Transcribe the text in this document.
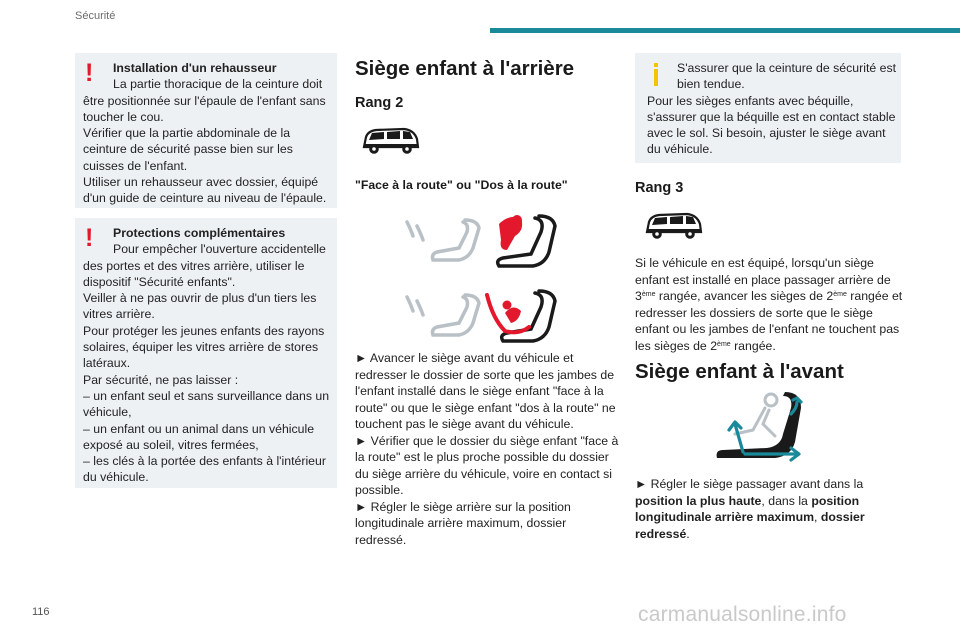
Sécurité
!	Installation d'un rehausseur
La partie thoracique de la ceinture doit
être positionnée sur l'épaule de l'enfant sans toucher le cou.
Vérifier que la partie abdominale de la ceinture de sécurité passe bien sur les cuisses de l'enfant.
Utiliser un rehausseur avec dossier, équipé d'un guide de ceinture au niveau de l'épaule.
!	Protections complémentaires
Pour empêcher l'ouverture accidentelle
des portes et des vitres arrière, utiliser le dispositif "Sécurité enfants".
Veiller à ne pas ouvrir de plus d'un tiers les vitres arrière.
Pour protéger les jeunes enfants des rayons solaires, équiper les vitres arrière de stores latéraux.
Par sécurité, ne pas laisser :
– un enfant seul et sans surveillance dans un véhicule,
– un enfant ou un animal dans un véhicule exposé au soleil, vitres fermées,
– les clés à la portée des enfants à l'intérieur du véhicule.
Siège enfant à l'arrière
Rang 2
"Face à la route" ou "Dos à la route"

► Avancer le siège avant du véhicule et redresser le dossier de sorte que les jambes de l'enfant installé dans le siège enfant "face à la route" ou que le siège enfant "dos à la route" ne touchent pas le siège avant du véhicule.

► Vérifier que le dossier du siège enfant "face à la route" est le plus proche possible du dossier du siège arrière du véhicule, voire en contact si possible.

► Régler le siège arrière sur la position longitudinale arrière maximum, dossier redressé.

S'assurer que la ceinture de sécurité est
bien tendue.
Pour les sièges enfants avec béquille, s'assurer que la béquille est en contact stable avec le sol. Si besoin, ajuster le siège avant du véhicule.
Rang 3

Si le véhicule en est équipé, lorsqu'un siège enfant est installé en place passager arrière de 3ème rangée, avancer les sièges de 2ème rangée et redresser les dossiers de sorte que le siège enfant ou les jambes de l'enfant ne touchent pas les sièges de 2ème rangée.

Siège enfant à l'avant

► Régler le siège passager avant dans la position la plus haute, dans la position longitudinale arrière maximum, dossier redressé.

116	carmanualsonline.info
